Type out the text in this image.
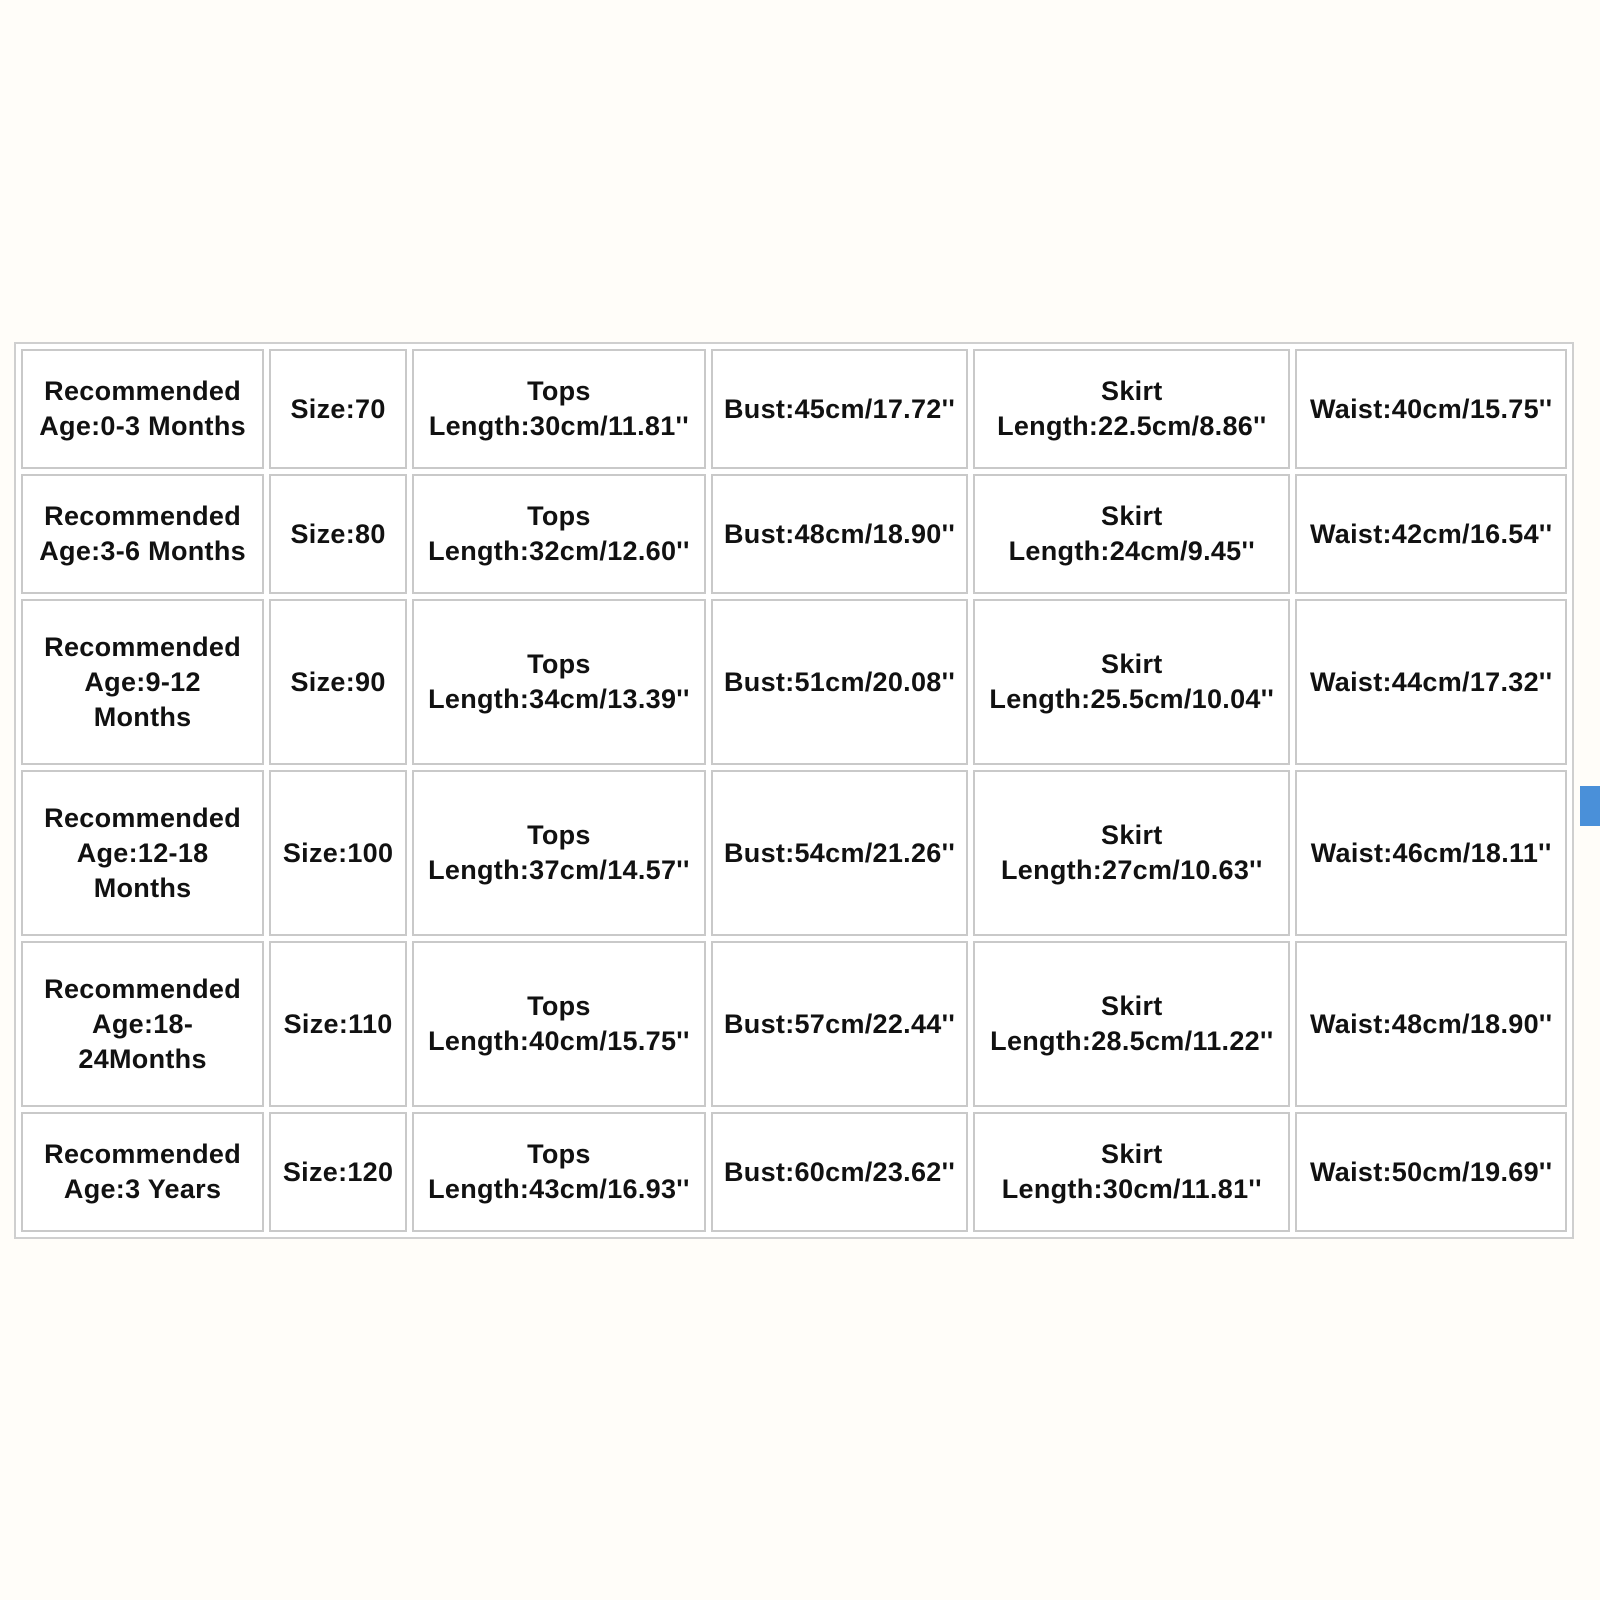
Recommended
Age:0-3 Months	Size:70	Tops
Length:30cm/11.81''	Bust:45cm/17.72''	Skirt
Length:22.5cm/8.86''	Waist:40cm/15.75''

Recommended
Age:3-6 Months	Size:80	Tops
Length:32cm/12.60''	Bust:48cm/18.90''	Skirt
Length:24cm/9.45''	Waist:42cm/16.54''

Recommended
Age:9-12
Months	Size:90	Tops
Length:34cm/13.39''	Bust:51cm/20.08''	Skirt
Length:25.5cm/10.04''	Waist:44cm/17.32''

Recommended
Age:12-18
Months	Size:100	Tops
Length:37cm/14.57''	Bust:54cm/21.26''	Skirt
Length:27cm/10.63''	Waist:46cm/18.11''

Recommended
Age:18-
24Months	Size:110	Tops
Length:40cm/15.75''	Bust:57cm/22.44''	Skirt
Length:28.5cm/11.22''	Waist:48cm/18.90''

Recommended
Age:3 Years	Size:120	Tops
Length:43cm/16.93''	Bust:60cm/23.62''	Skirt
Length:30cm/11.81''	Waist:50cm/19.69''
